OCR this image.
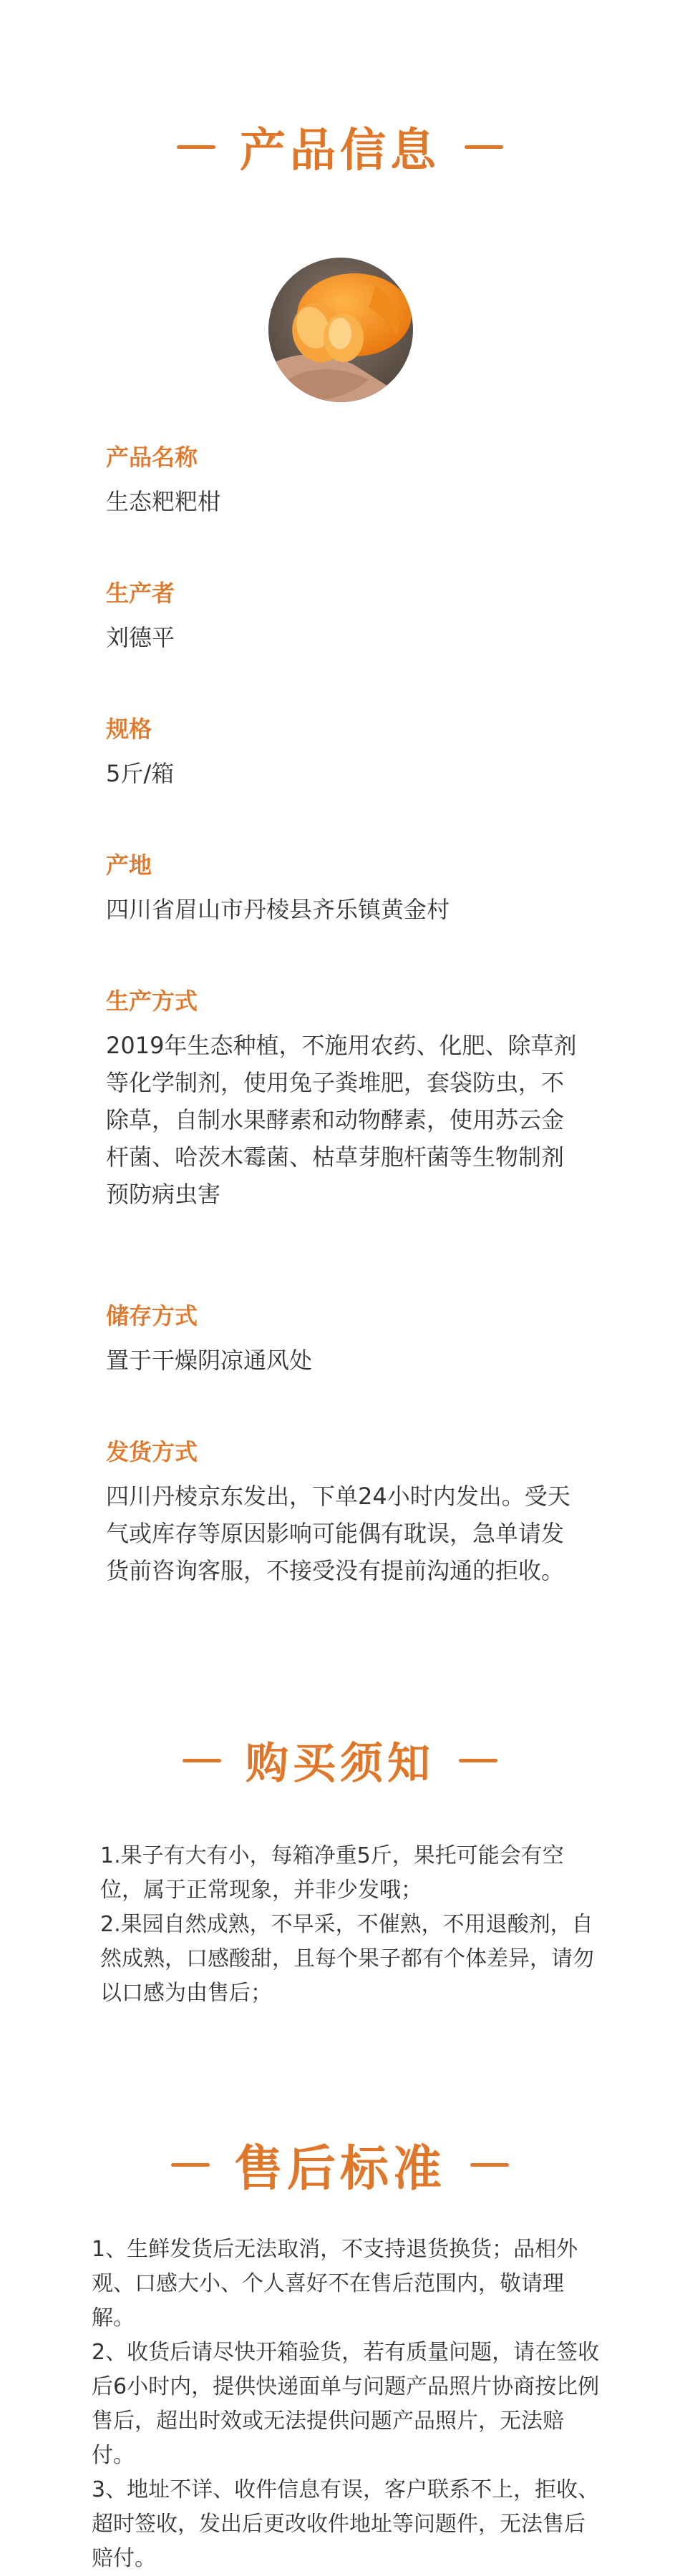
产品信息
产品名称
生态粑粑柑
生产者
刘德平
规格
5斤/箱
产地
四川省眉山市丹棱县齐乐镇黄金村
生产方式
2019年生态种植，不施用农药、化肥、除草剂等化学制剂，使用兔子粪堆肥，套袋防虫，不除草，自制水果酵素和动物酵素，使用苏云金杆菌、哈茨木霉菌、枯草芽胞杆菌等生物制剂预防病虫害
储存方式
置于干燥阴凉通风处
发货方式
四川丹棱京东发出，下单24小时内发出。受天气或库存等原因影响可能偶有耽误，急单请发货前咨询客服，不接受没有提前沟通的拒收。
购买须知

1.果子有大有小，每箱净重5斤，果托可能会有空位，属于正常现象，并非少发哦；

2.果园自然成熟，不早采，不催熟，不用退酸剂，自然成熟，口感酸甜，且每个果子都有个体差异，请勿以口感为由售后；

售后标准

1、生鲜发货后无法取消，不支持退货换货；品相外观、口感大小、个人喜好不在售后范围内，敬请理解。

2、收货后请尽快开箱验货，若有质量问题，请在签收后6小时内，提供快递面单与问题产品照片协商按比例售后，超出时效或无法提供问题产品照片，无法赔付。

3、地址不详、收件信息有误，客户联系不上，拒收、超时签收，发出后更改收件地址等问题件，无法售后赔付。
